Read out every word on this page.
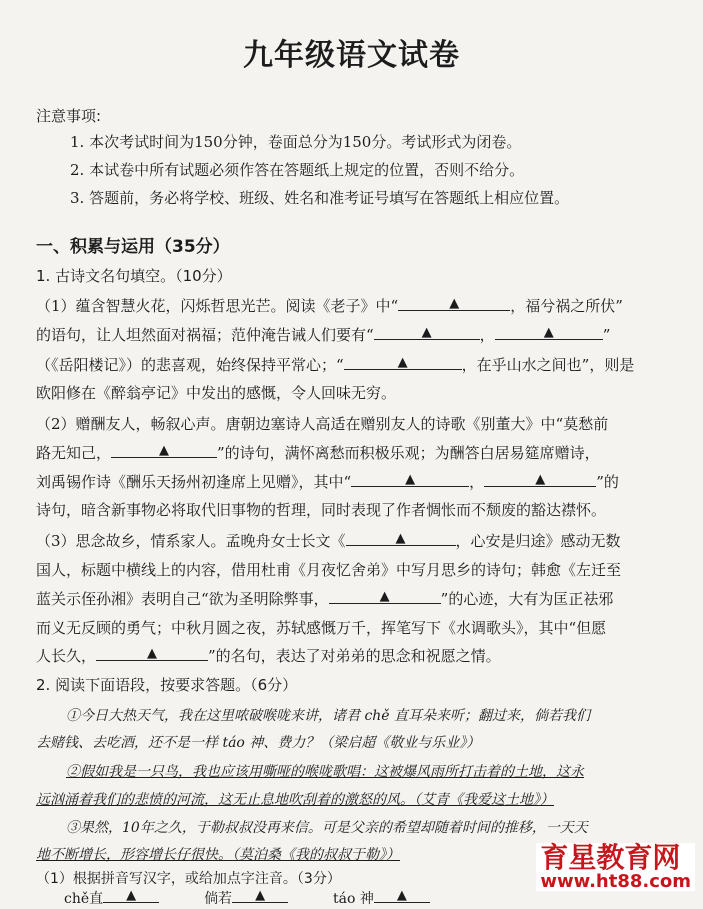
九年级语文试卷
注意事项:
1. 本次考试时间为150分钟，卷面总分为150分。考试形式为闭卷。
2. 本试卷中所有试题必须作答在答题纸上规定的位置，否则不给分。
3. 答题前，务必将学校、班级、姓名和准考证号填写在答题纸上相应位置。
一、积累与运用（35分）
1. 古诗文名句填空。（10分）
（1）蕴含智慧火花，闪烁哲思光芒。阅读《老子》中“	▲	，福兮祸之所伏”
的语句，让人坦然面对祸福；范仲淹告诫人们要有“	▲	，	▲	”
（《岳阳楼记》）的悲喜观，始终保持平常心；“	▲	，在乎山水之间也”，则是
欧阳修在《醉翁亭记》中发出的感慨，令人回味无穷。
（2）赠酬友人，畅叙心声。唐朝边塞诗人高适在赠别友人的诗歌《别董大》中“莫愁前
路无知己，	▲	”的诗句，满怀离愁而积极乐观；为酬答白居易筵席赠诗，
刘禹锡作诗《酬乐天扬州初逢席上见赠》，其中“	▲	，	▲	”的
诗句，暗含新事物必将取代旧事物的哲理，同时表现了作者惆怅而不颓废的豁达襟怀。
（3）思念故乡，情系家人。孟晚舟女士长文《	▲	，心安是归途》感动无数
国人，标题中横线上的内容，借用杜甫《月夜忆舍弟》中写月思乡的诗句；韩愈《左迁至
蓝关示侄孙湘》表明自己“欲为圣明除弊事，	▲	”的心迹，大有为匡正祛邪
而义无反顾的勇气；中秋月圆之夜，苏轼感慨万千，挥笔写下《水调歌头》，其中“但愿
人长久，	▲	”的名句，表达了对弟弟的思念和祝愿之情。
2. 阅读下面语段，按要求答题。（6分）
①今日大热天气，我在这里哝破喉咙来讲，诸君 chě 直耳朵来听；翻过来，倘若我们
去赌钱、去吃酒，还不是一样 táo 神、费力？（梁启超《敬业与乐业》）
②假如我是一只鸟，我也应该用嘶哑的喉咙歌唱：这被爆风雨所打击着的土地，这永
远汹涌着我们的悲愤的河流，这无止息地吹刮着的激怒的风。（艾青《我爱这土地》）
③果然，10年之久，于勒叔叔没再来信。可是父亲的希望却随着时间的推移，一天天
地不断增长，形容增长仔很快。（莫泊桑《我的叔叔于勒》）
（1）根据拼音写汉字，或给加点字注音。（3分）
chě直 ▲	倘若 ▲	táo 神 ▲
育星教育网
www.ht88.com
